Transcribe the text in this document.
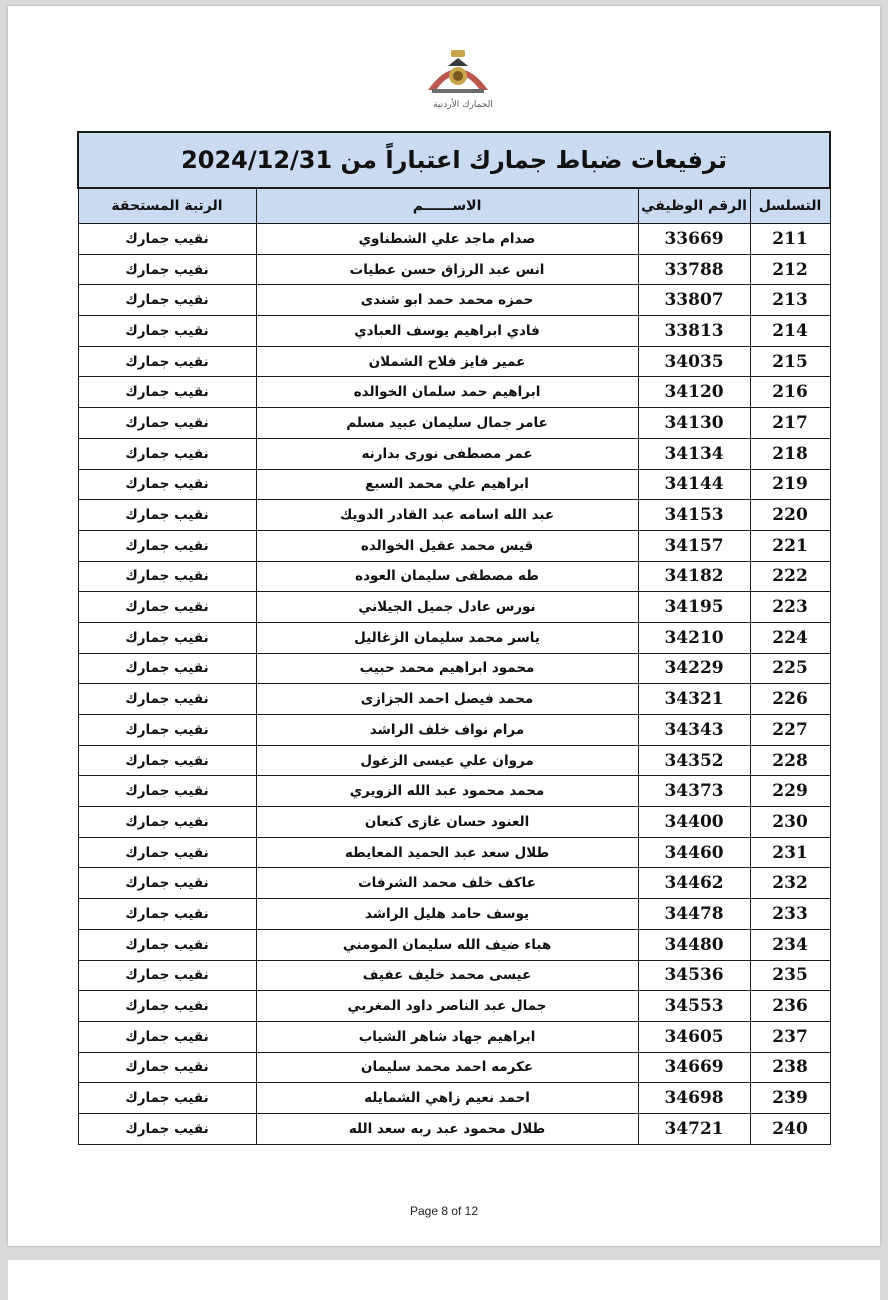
الجمارك الأردنية
ترفيعات ضباط جمارك اعتباراً من 2024/12/31			
التسلسل	الرقم الوظيفي	الاســــــم	الرتبة المستحقة
211	33669	صدام ماجد علي الشطناوي	نقيب جمارك
212	33788	انس عبد الرزاق حسن عطيات	نقيب جمارك
213	33807	حمزه محمد حمد ابو شندى	نقيب جمارك
214	33813	فادي ابراهيم يوسف العبادي	نقيب جمارك
215	34035	عمير فايز فلاح الشملان	نقيب جمارك
216	34120	ابراهيم حمد سلمان الخوالده	نقيب جمارك
217	34130	عامر جمال سليمان عبيد مسلم	نقيب جمارك
218	34134	عمر مصطفى نورى بدارنه	نقيب جمارك
219	34144	ابراهيم علي محمد السبع	نقيب جمارك
220	34153	عبد الله اسامه عبد القادر الدويك	نقيب جمارك
221	34157	قيس محمد عقيل الخوالده	نقيب جمارك
222	34182	طه مصطفى سليمان العوده	نقيب جمارك
223	34195	نورس عادل جميل الجيلاني	نقيب جمارك
224	34210	ياسر محمد سليمان الزغاليل	نقيب جمارك
225	34229	محمود ابراهيم محمد حبيب	نقيب جمارك
226	34321	محمد فيصل احمد الجزازى	نقيب جمارك
227	34343	مرام نواف خلف الراشد	نقيب جمارك
228	34352	مروان علي عيسى الزغول	نقيب جمارك
229	34373	محمد محمود عبد الله الزويري	نقيب جمارك
230	34400	العنود حسان غازى كنعان	نقيب جمارك
231	34460	طلال سعد عبد الحميد المعايطه	نقيب جمارك
232	34462	عاكف خلف محمد الشرفات	نقيب جمارك
233	34478	يوسف حامد هليل الراشد	نقيب جمارك
234	34480	هباء ضيف الله سليمان المومني	نقيب جمارك
235	34536	عيسى محمد خليف عفيف	نقيب جمارك
236	34553	جمال عبد الناصر داود المغربي	نقيب جمارك
237	34605	ابراهيم جهاد شاهر الشياب	نقيب جمارك
238	34669	عكرمه احمد محمد سليمان	نقيب جمارك
239	34698	احمد نعيم زاهي الشمايله	نقيب جمارك
240	34721	طلال محمود عبد ربه سعد الله	نقيب جمارك
Page 8 of 12
